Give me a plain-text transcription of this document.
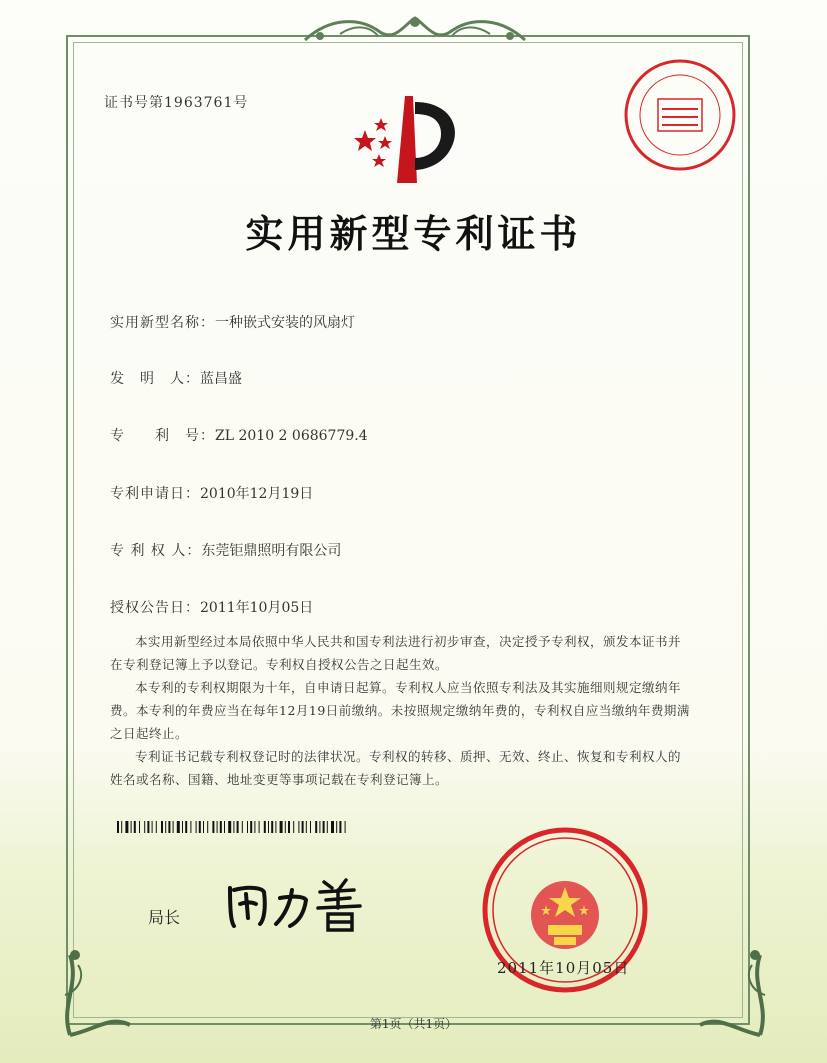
证书号第1963761号
实用新型专利证书
实用新型名称：一种嵌式安装的风扇灯
发　明　人：蓝昌盛
专　　利　号：ZL 2010 2 0686779.4
专利申请日：2010年12月19日
专 利 权 人：东莞钜鼎照明有限公司
授权公告日：2011年10月05日

本实用新型经过本局依照中华人民共和国专利法进行初步审查，决定授予专利权，颁发本证书并在专利登记簿上予以登记。专利权自授权公告之日起生效。

本专利的专利权期限为十年，自申请日起算。专利权人应当依照专利法及其实施细则规定缴纳年费。本专利的年费应当在每年12月19日前缴纳。未按照规定缴纳年费的，专利权自应当缴纳年费期满之日起终止。

专利证书记载专利权登记时的法律状况。专利权的转移、质押、无效、终止、恢复和专利权人的姓名或名称、国籍、地址变更等事项记载在专利登记簿上。

局长
2011年10月05日
第1页（共1页）
